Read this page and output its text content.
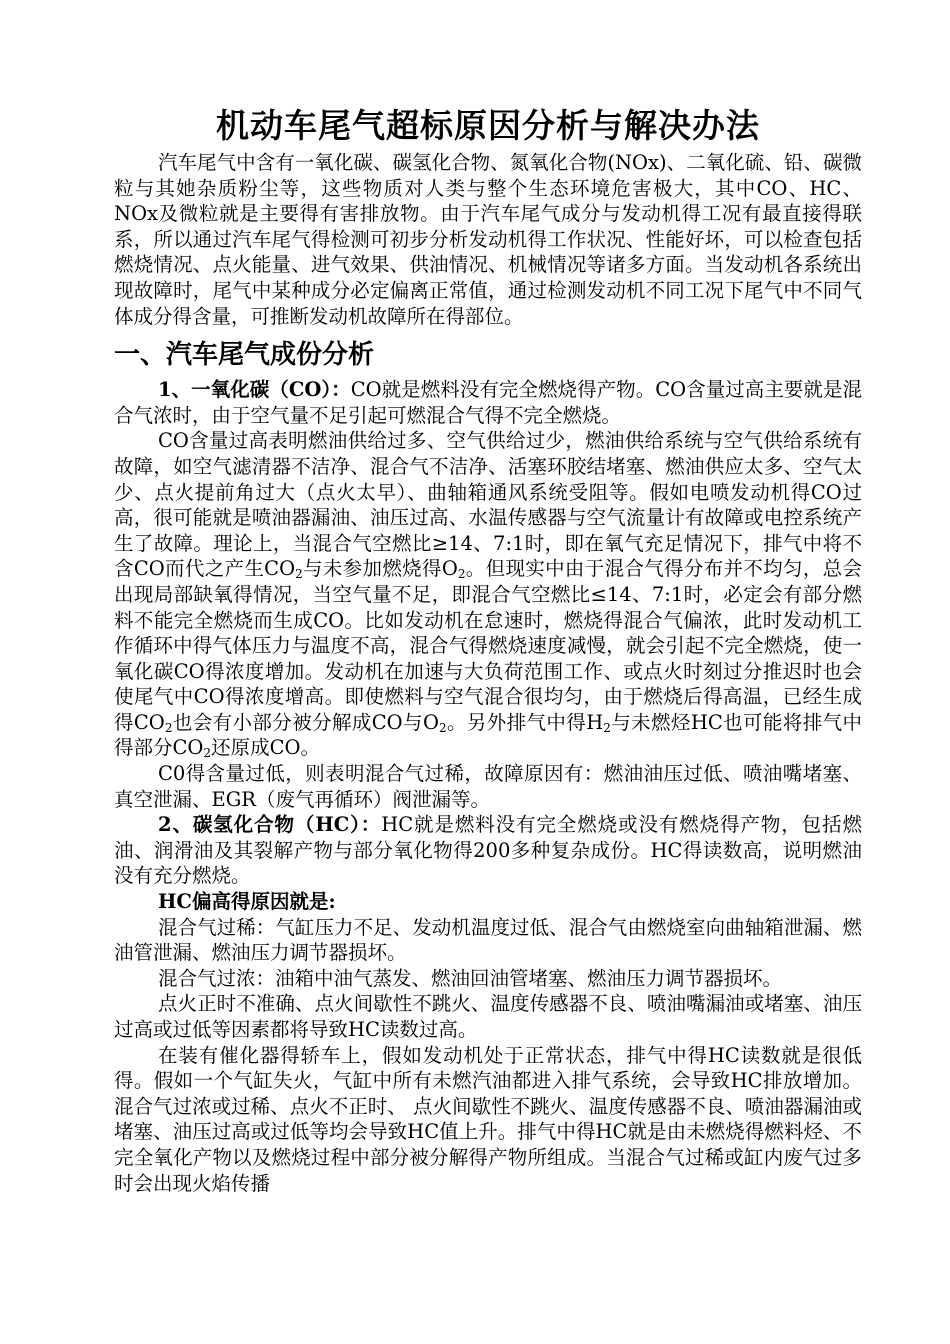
机动车尾气超标原因分析与解决办法

汽车尾气中含有一氧化碳、碳氢化合物、氮氧化合物(NOx)、二氧化硫、铅、碳微粒与其她杂质粉尘等，这些物质对人类与整个生态环境危害极大，其中CO、HC、NOx及微粒就是主要得有害排放物。由于汽车尾气成分与发动机得工况有最直接得联系，所以通过汽车尾气得检测可初步分析发动机得工作状况、性能好坏，可以检查包括燃烧情况、点火能量、进气效果、供油情况、机械情况等诸多方面。当发动机各系统出现故障时，尾气中某种成分必定偏离正常值，通过检测发动机不同工况下尾气中不同气体成分得含量，可推断发动机故障所在得部位。

一、汽车尾气成份分析

1、一氧化碳（CO）：CO就是燃料没有完全燃烧得产物。CO含量过高主要就是混合气浓时，由于空气量不足引起可燃混合气得不完全燃烧。

CO含量过高表明燃油供给过多、空气供给过少，燃油供给系统与空气供给系统有故障，如空气滤清器不洁净、混合气不洁净、活塞环胶结堵塞、燃油供应太多、空气太少、点火提前角过大（点火太早）、曲轴箱通风系统受阻等。假如电喷发动机得CO过高，很可能就是喷油器漏油、油压过高、水温传感器与空气流量计有故障或电控系统产生了故障。理论上，当混合气空燃比≥14、7:1时，即在氧气充足情况下，排气中将不含CO而代之产生$CO_2$与未参加燃烧得$O_2$。但现实中由于混合气得分布并不均匀，总会出现局部缺氧得情况，当空气量不足，即混合气空燃比≤14、7:1时，必定会有部分燃料不能完全燃烧而生成CO。比如发动机在怠速时，燃烧得混合气偏浓，此时发动机工作循环中得气体压力与温度不高，混合气得燃烧速度减慢，就会引起不完全燃烧，使一氧化碳CO得浓度增加。发动机在加速与大负荷范围工作、或点火时刻过分推迟时也会使尾气中CO得浓度增高。即使燃料与空气混合很均匀，由于燃烧后得高温，已经生成得$CO_2$也会有小部分被分解成CO与$O_2$。另外排气中得$H_2$与未燃烃HC也可能将排气中得部分$CO_2$还原成CO。

C0得含量过低，则表明混合气过稀，故障原因有：燃油油压过低、喷油嘴堵塞、真空泄漏、EGR（废气再循环）阀泄漏等。

2、碳氢化合物（HC）：HC就是燃料没有完全燃烧或没有燃烧得产物，包括燃油、润滑油及其裂解产物与部分氧化物得200多种复杂成份。HC得读数高，说明燃油没有充分燃烧。

HC偏高得原因就是:

混合气过稀：气缸压力不足、发动机温度过低、混合气由燃烧室向曲轴箱泄漏、燃油管泄漏、燃油压力调节器损坏。

混合气过浓：油箱中油气蒸发、燃油回油管堵塞、燃油压力调节器损坏。

点火正时不准确、点火间歇性不跳火、温度传感器不良、喷油嘴漏油或堵塞、油压过高或过低等因素都将导致HC读数过高。

在装有催化器得轿车上，假如发动机处于正常状态，排气中得HC读数就是很低得。假如一个气缸失火，气缸中所有未燃汽油都进入排气系统，会导致HC排放增加。混合气过浓或过稀、点火不正时、 点火间歇性不跳火、温度传感器不良、喷油器漏油或堵塞、油压过高或过低等均会导致HC值上升。排气中得HC就是由未燃烧得燃料烃、不完全氧化产物以及燃烧过程中部分被分解得产物所组成。当混合气过稀或缸内废气过多时会出现火焰传播
